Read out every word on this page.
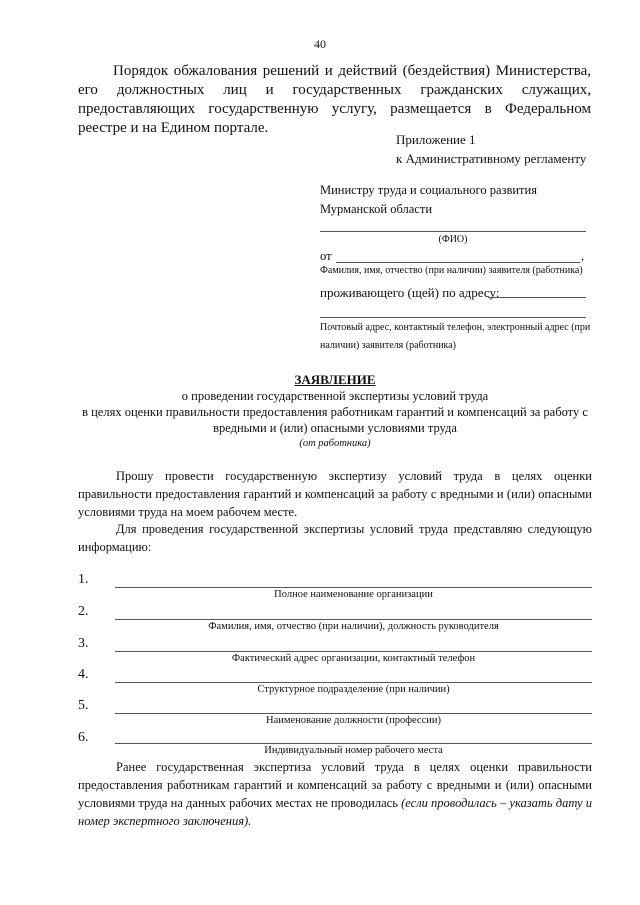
40
Порядок обжалования решений и действий (бездействия) Министерства, его должностных лиц и государственных гражданских служащих, предоставляющих государственную услугу, размещается в Федеральном реестре и на Едином портале.
Приложение 1
к Административному регламенту
Министру труда и социального развития
Мурманской области
(ФИО)
от	,
Фамилия, имя, отчество (при наличии) заявителя (работника)
проживающего (щей) по адресу:
Почтовый адрес, контактный телефон, электронный адрес (при
наличии) заявителя (работника)
ЗАЯВЛЕНИЕ
о проведении государственной экспертизы условий труда
в целях оценки правильности предоставления работникам гарантий и компенсаций за работу с
вредными и (или) опасными условиями труда
(от работника)
Прошу провести государственную экспертизу условий труда в целях оценки правильности предоставления гарантий и компенсаций за работу с вредными и (или) опасными условиями труда на моем рабочем месте.
Для проведения государственной экспертизы условий труда представляю следующую информацию:
1.
Полное наименование организации
2.
Фамилия, имя, отчество (при наличии), должность руководителя
3.
Фактический адрес организации, контактный телефон
4.
Структурное подразделение (при наличии)
5.
Наименование должности (профессии)
6.
Индивидуальный номер рабочего места
Ранее государственная экспертиза условий труда в целях оценки правильности предоставления работникам гарантий и компенсаций за работу с вредными и (или) опасными условиями труда на данных рабочих местах не проводилась (если проводилась – указать дату и номер экспертного заключения).
